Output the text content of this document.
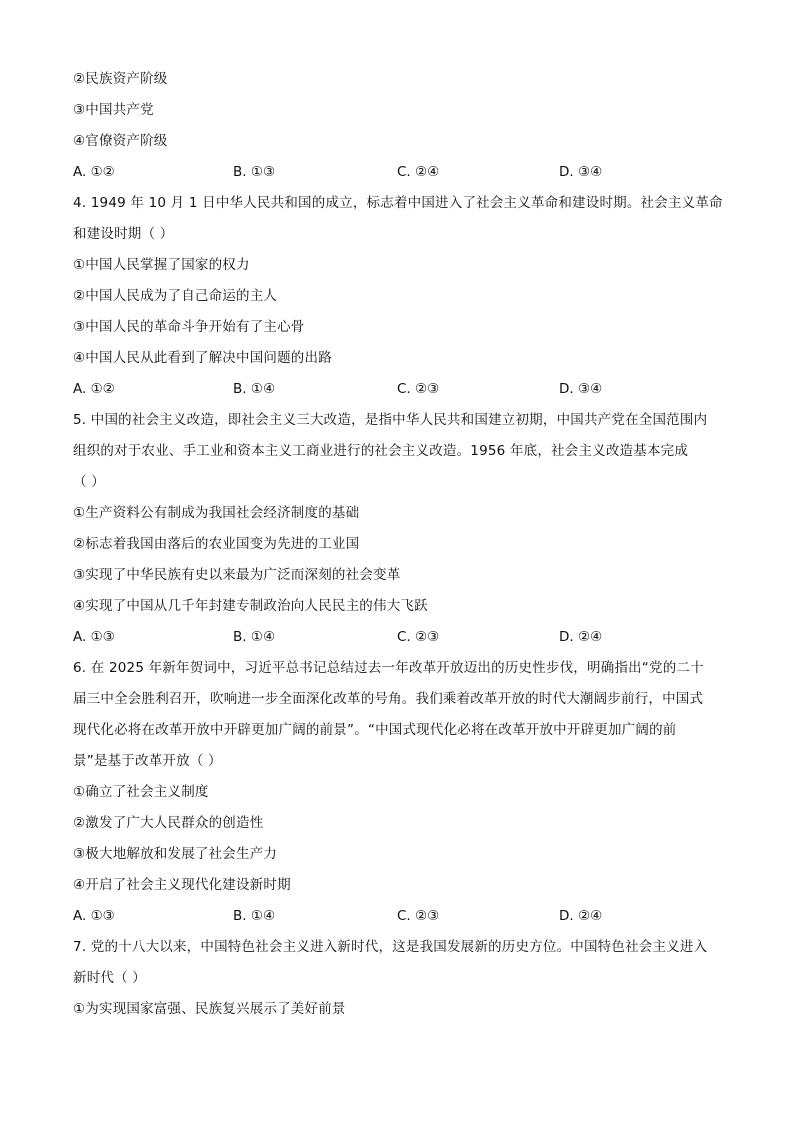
②民族资产阶级
③中国共产党
④官僚资产阶级
A. ①②	B. ①③	C. ②④	D. ③④
4. 1949 年 10 月 1 日中华人民共和国的成立，标志着中国进入了社会主义革命和建设时期。社会主义革命
和建设时期（ ）
①中国人民掌握了国家的权力
②中国人民成为了自己命运的主人
③中国人民的革命斗争开始有了主心骨
④中国人民从此看到了解决中国问题的出路
A. ①②	B. ①④	C. ②③	D. ③④
5. 中国的社会主义改造，即社会主义三大改造，是指中华人民共和国建立初期，中国共产党在全国范围内
组织的对于农业、手工业和资本主义工商业进行的社会主义改造。1956 年底，社会主义改造基本完成
（ ）
①生产资料公有制成为我国社会经济制度的基础
②标志着我国由落后的农业国变为先进的工业国
③实现了中华民族有史以来最为广泛而深刻的社会变革
④实现了中国从几千年封建专制政治向人民民主的伟大飞跃
A. ①③	B. ①④	C. ②③	D. ②④
6. 在 2025 年新年贺词中，习近平总书记总结过去一年改革开放迈出的历史性步伐，明确指出“党的二十
届三中全会胜利召开，吹响进一步全面深化改革的号角。我们乘着改革开放的时代大潮阔步前行，中国式
现代化必将在改革开放中开辟更加广阔的前景”。“中国式现代化必将在改革开放中开辟更加广阔的前
景”是基于改革开放（ ）
①确立了社会主义制度
②激发了广大人民群众的创造性
③极大地解放和发展了社会生产力
④开启了社会主义现代化建设新时期
A. ①③	B. ①④	C. ②③	D. ②④
7. 党的十八大以来，中国特色社会主义进入新时代，这是我国发展新的历史方位。中国特色社会主义进入
新时代（ ）
①为实现国家富强、民族复兴展示了美好前景
